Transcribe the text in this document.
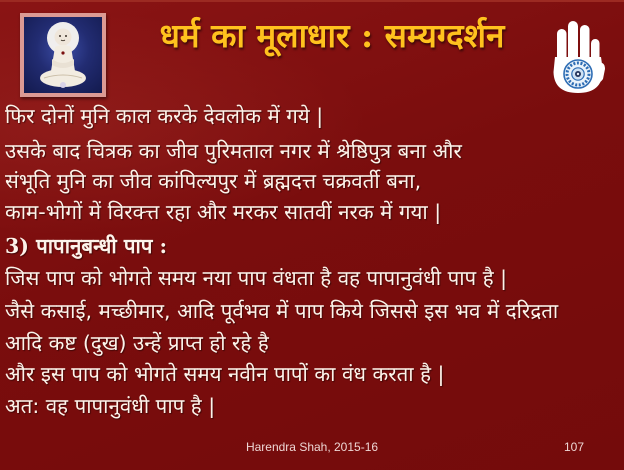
धर्म का मूलाधार : सम्यग्दर्शन
फिर दोनों मुनि काल करके देवलोक में गये |
उसके बाद चित्रक का जीव पुरिमताल नगर में श्रेष्ठिपुत्र बना और
संभूति मुनि का जीव कांपिल्यपुर में ब्रह्मदत्त चक्रवर्ती बना,
काम-भोगों में विरक्त्त रहा और मरकर सातवीं नरक में गया |
3) पापानुबन्धी पाप :
जिस पाप को भोगते समय नया पाप वंधता है वह पापानुवंधी पाप है |
जैसे कसाई, मच्छीमार, आदि पूर्वभव में पाप किये जिससे इस भव में दरिद्रता
आदि कष्ट (दुख) उन्हें प्राप्त हो रहे है
और इस पाप को भोगते समय नवीन पापों का वंध करता है |
अत: वह पापानुवंधी पाप है |
Harendra Shah, 2015-16	107
